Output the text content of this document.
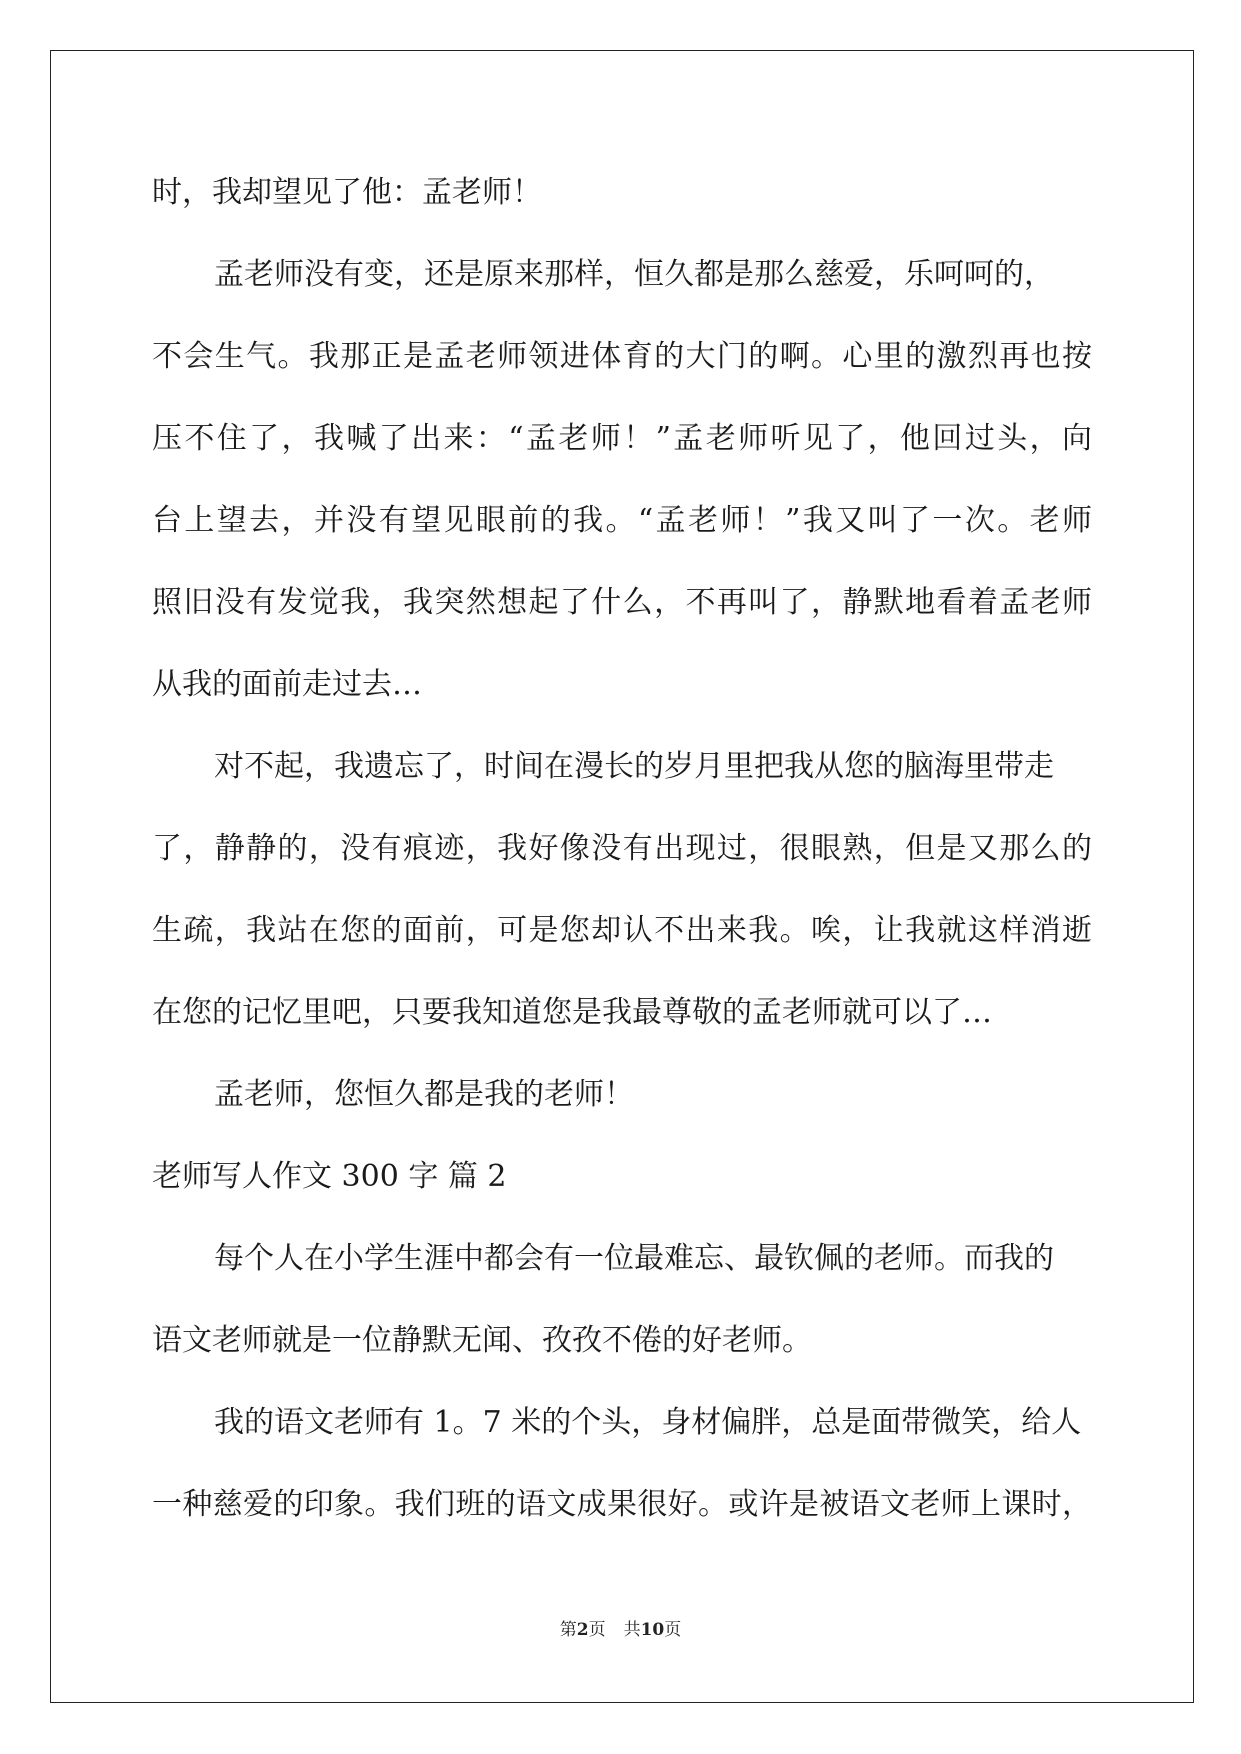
时，我却望见了他：孟老师！
孟老师没有变，还是原来那样，恒久都是那么慈爱，乐呵呵的，
不会生气。我那正是孟老师领进体育的大门的啊。心里的激烈再也按
压不住了，我喊了出来：“孟老师！”孟老师听见了，他回过头，向
台上望去，并没有望见眼前的我。“孟老师！”我又叫了一次。老师
照旧没有发觉我，我突然想起了什么，不再叫了，静默地看着孟老师
从我的面前走过去…
对不起，我遗忘了，时间在漫长的岁月里把我从您的脑海里带走
了，静静的，没有痕迹，我好像没有出现过，很眼熟，但是又那么的
生疏，我站在您的面前，可是您却认不出来我。唉，让我就这样消逝
在您的记忆里吧，只要我知道您是我最尊敬的孟老师就可以了…
孟老师，您恒久都是我的老师！
老师写人作文 300 字 篇 2
每个人在小学生涯中都会有一位最难忘、最钦佩的老师。而我的
语文老师就是一位静默无闻、孜孜不倦的好老师。
我的语文老师有 1。7 米的个头，身材偏胖，总是面带微笑，给人
一种慈爱的印象。我们班的语文成果很好。或许是被语文老师上课时，
第2页 共10页
